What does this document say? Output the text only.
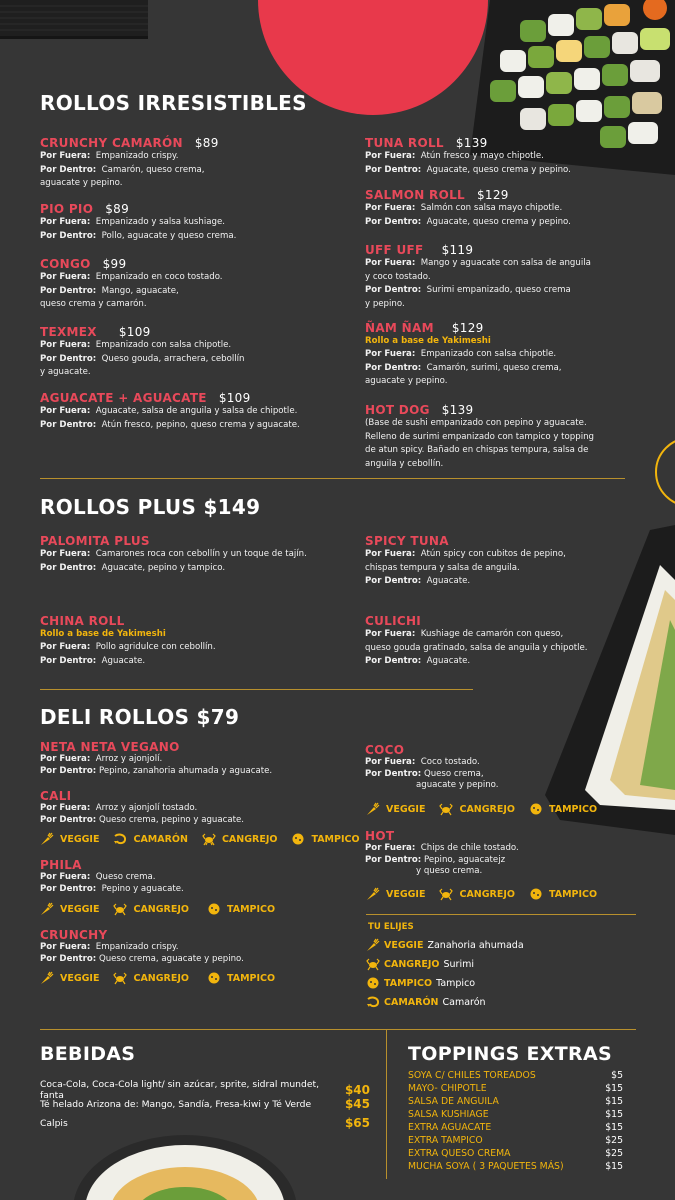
ROLLOS IRRESISTIBLES
CRUNCHY CAMARÓN $89
Por Fuera: Empanizado crispy.
Por Dentro: Camarón, queso crema,
aguacate y pepino.
PIO PIO $89
Por Fuera: Empanizado y salsa kushiage.
Por Dentro: Pollo, aguacate y queso crema.
CONGO $99
Por Fuera: Empanizado en coco tostado.
Por Dentro: Mango, aguacate,
queso crema y camarón.
TEXMEX $109
Por Fuera: Empanizado con salsa chipotle.
Por Dentro: Queso gouda, arrachera, cebollín
y aguacate.
AGUACATE + AGUACATE $109
Por Fuera: Aguacate, salsa de anguila y salsa de chipotle.
Por Dentro: Atún fresco, pepino, queso crema y aguacate.
TUNA ROLL $139
Por Fuera: Atún fresco y mayo chipotle.
Por Dentro: Aguacate, queso crema y pepino.
SALMON ROLL $129
Por Fuera: Salmón con salsa mayo chipotle.
Por Dentro: Aguacate, queso crema y pepino.
UFF UFF $119
Por Fuera: Mango y aguacate con salsa de anguila
y coco tostado.
Por Dentro: Surimi empanizado, queso crema
y pepino.
ÑAM ÑAM $129
Rollo a base de Yakimeshi
Por Fuera: Empanizado con salsa chipotle.
Por Dentro: Camarón, surimi, queso crema,
aguacate y pepino.
HOT DOG $139
(Base de sushi empanizado con pepino y aguacate.
Relleno de surimi empanizado con tampico y topping
de atun spicy. Bañado en chispas tempura, salsa de
anguila y cebollín.
ROLLOS PLUS $149
PALOMITA PLUS
Por Fuera: Camarones roca con cebollín y un toque de tajín.
Por Dentro: Aguacate, pepino y tampico.
CHINA ROLL
Rollo a base de Yakimeshi
Por Fuera: Pollo agridulce con cebollín.
Por Dentro: Aguacate.
SPICY TUNA
Por Fuera: Atún spicy con cubitos de pepino,
chispas tempura y salsa de anguila.
Por Dentro: Aguacate.
CULICHI
Por Fuera: Kushiage de camarón con queso,
queso gouda gratinado, salsa de anguila y chipotle.
Por Dentro: Aguacate.
DELI ROLLOS $79
NETA NETA VEGANO
Por Fuera: Arroz y ajonjolí.
Por Dentro: Pepino, zanahoria ahumada y aguacate.
CALI
Por Fuera: Arroz y ajonjolí tostado.
Por Dentro: Queso crema, pepino y aguacate.
PHILA
Por Fuera: Queso crema.
Por Dentro: Pepino y aguacate.
CRUNCHY
Por Fuera: Empanizado crispy.
Por Dentro: Queso crema, aguacate y pepino.
COCO
Por Fuera: Coco tostado.
Por Dentro: Queso crema,
aguacate y pepino.
HOT
Por Fuera: Chips de chile tostado.
Por Dentro: Pepino, aguacatejz
y queso crema.
VEGGIE	CAMARÓN	CANGREJO	TAMPICO
VEGGIE	CANGREJO	TAMPICO
VEGGIE	CANGREJO	TAMPICO
VEGGIE	CANGREJO	TAMPICO
VEGGIE	CANGREJO	TAMPICO
TU ELIJES
VEGGIE Zanahoria ahumada
CANGREJO Surimi
TAMPICO Tampico
CAMARÓN Camarón
BEBIDAS
Coca-Cola, Coca-Cola light/ sin azúcar, sprite, sidral mundet, fanta	$40
Té helado Arizona de: Mango, Sandía, Fresa-kiwi y Té Verde	$45
Calpis	$65
TOPPINGS EXTRAS
SOYA C/ CHILES TOREADOS	$5
MAYO- CHIPOTLE	$15
SALSA DE ANGUILA	$15
SALSA KUSHIAGE	$15
EXTRA AGUACATE	$15
EXTRA TAMPICO	$25
EXTRA QUESO CREMA	$25
MUCHA SOYA ( 3 PAQUETES MÁS)	$15
